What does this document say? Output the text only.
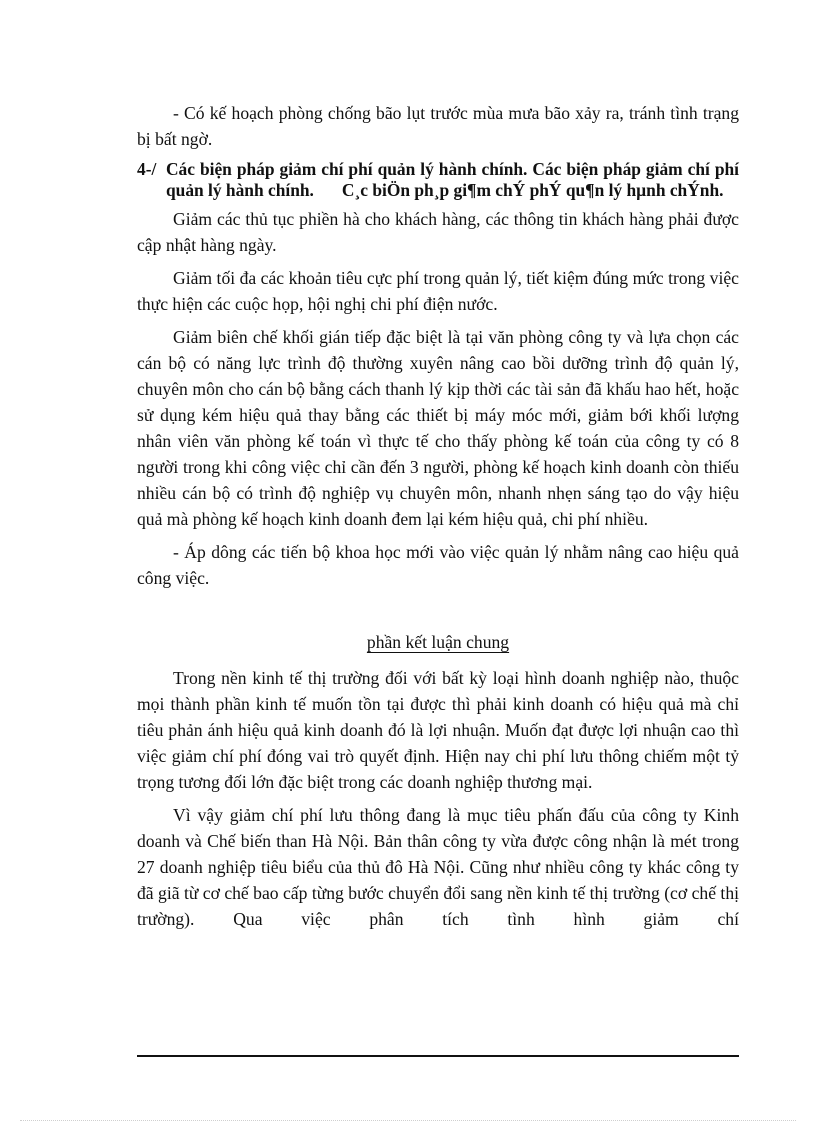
- Có kế hoạch phòng chống bão lụt trước mùa mưa bão xảy ra, tránh tình trạng bị bất ngờ.

4-/ Các biện pháp giảm chí phí quản lý hành chính. Các biện pháp giảm chí phí quản lý hành chính. C¸c biÖn ph¸p gi¶m chÝ phÝ qu¶n lý hµnh chÝnh.

Giảm các thủ tục phiền hà cho khách hàng, các thông tin khách hàng phải được cập nhật hàng ngày.

Giảm tối đa các khoản tiêu cực phí trong quản lý, tiết kiệm đúng mức trong việc thực hiện các cuộc họp, hội nghị chi phí điện nước.

Giảm biên chế khối gián tiếp đặc biệt là tại văn phòng công ty và lựa chọn các cán bộ có năng lực trình độ thường xuyên nâng cao bồi dưỡng trình độ quản lý, chuyên môn cho cán bộ bằng cách thanh lý kịp thời các tài sản đã khấu hao hết, hoặc sử dụng kém hiệu quả thay bằng các thiết bị máy móc mới, giảm bới khối lượng nhân viên văn phòng kế toán vì thực tế cho thấy phòng kế toán của công ty có 8 người trong khi công việc chỉ cần đến 3 người, phòng kế hoạch kinh doanh còn thiếu nhiều cán bộ có trình độ nghiệp vụ chuyên môn, nhanh nhẹn sáng tạo do vậy hiệu quả mà phòng kế hoạch kinh doanh đem lại kém hiệu quả, chi phí nhiều.

- Áp dông các tiến bộ khoa học mới vào việc quản lý nhằm nâng cao hiệu quả công việc.

phần kết luận chung

Trong nền kinh tế thị trường đối với bất kỳ loại hình doanh nghiệp nào, thuộc mọi thành phần kinh tế muốn tồn tại được thì phải kinh doanh có hiệu quả mà chỉ tiêu phản ánh hiệu quả kinh doanh đó là lợi nhuận. Muốn đạt được lợi nhuận cao thì việc giảm chí phí đóng vai trò quyết định. Hiện nay chi phí lưu thông chiếm một tỷ trọng tương đối lớn đặc biệt trong các doanh nghiệp thương mại.

Vì vậy giảm chí phí lưu thông đang là mục tiêu phấn đấu của công ty Kinh doanh và Chế biến than Hà Nội. Bản thân công ty vừa được công nhận là mét trong 27 doanh nghiệp tiêu biểu của thủ đô Hà Nội. Cũng như nhiều công ty khác công ty đã giã từ cơ chế bao cấp từng bước chuyển đổi sang nền kinh tế thị trường (cơ chế thị trường). Qua việc phân tích tình hình giảm chí
